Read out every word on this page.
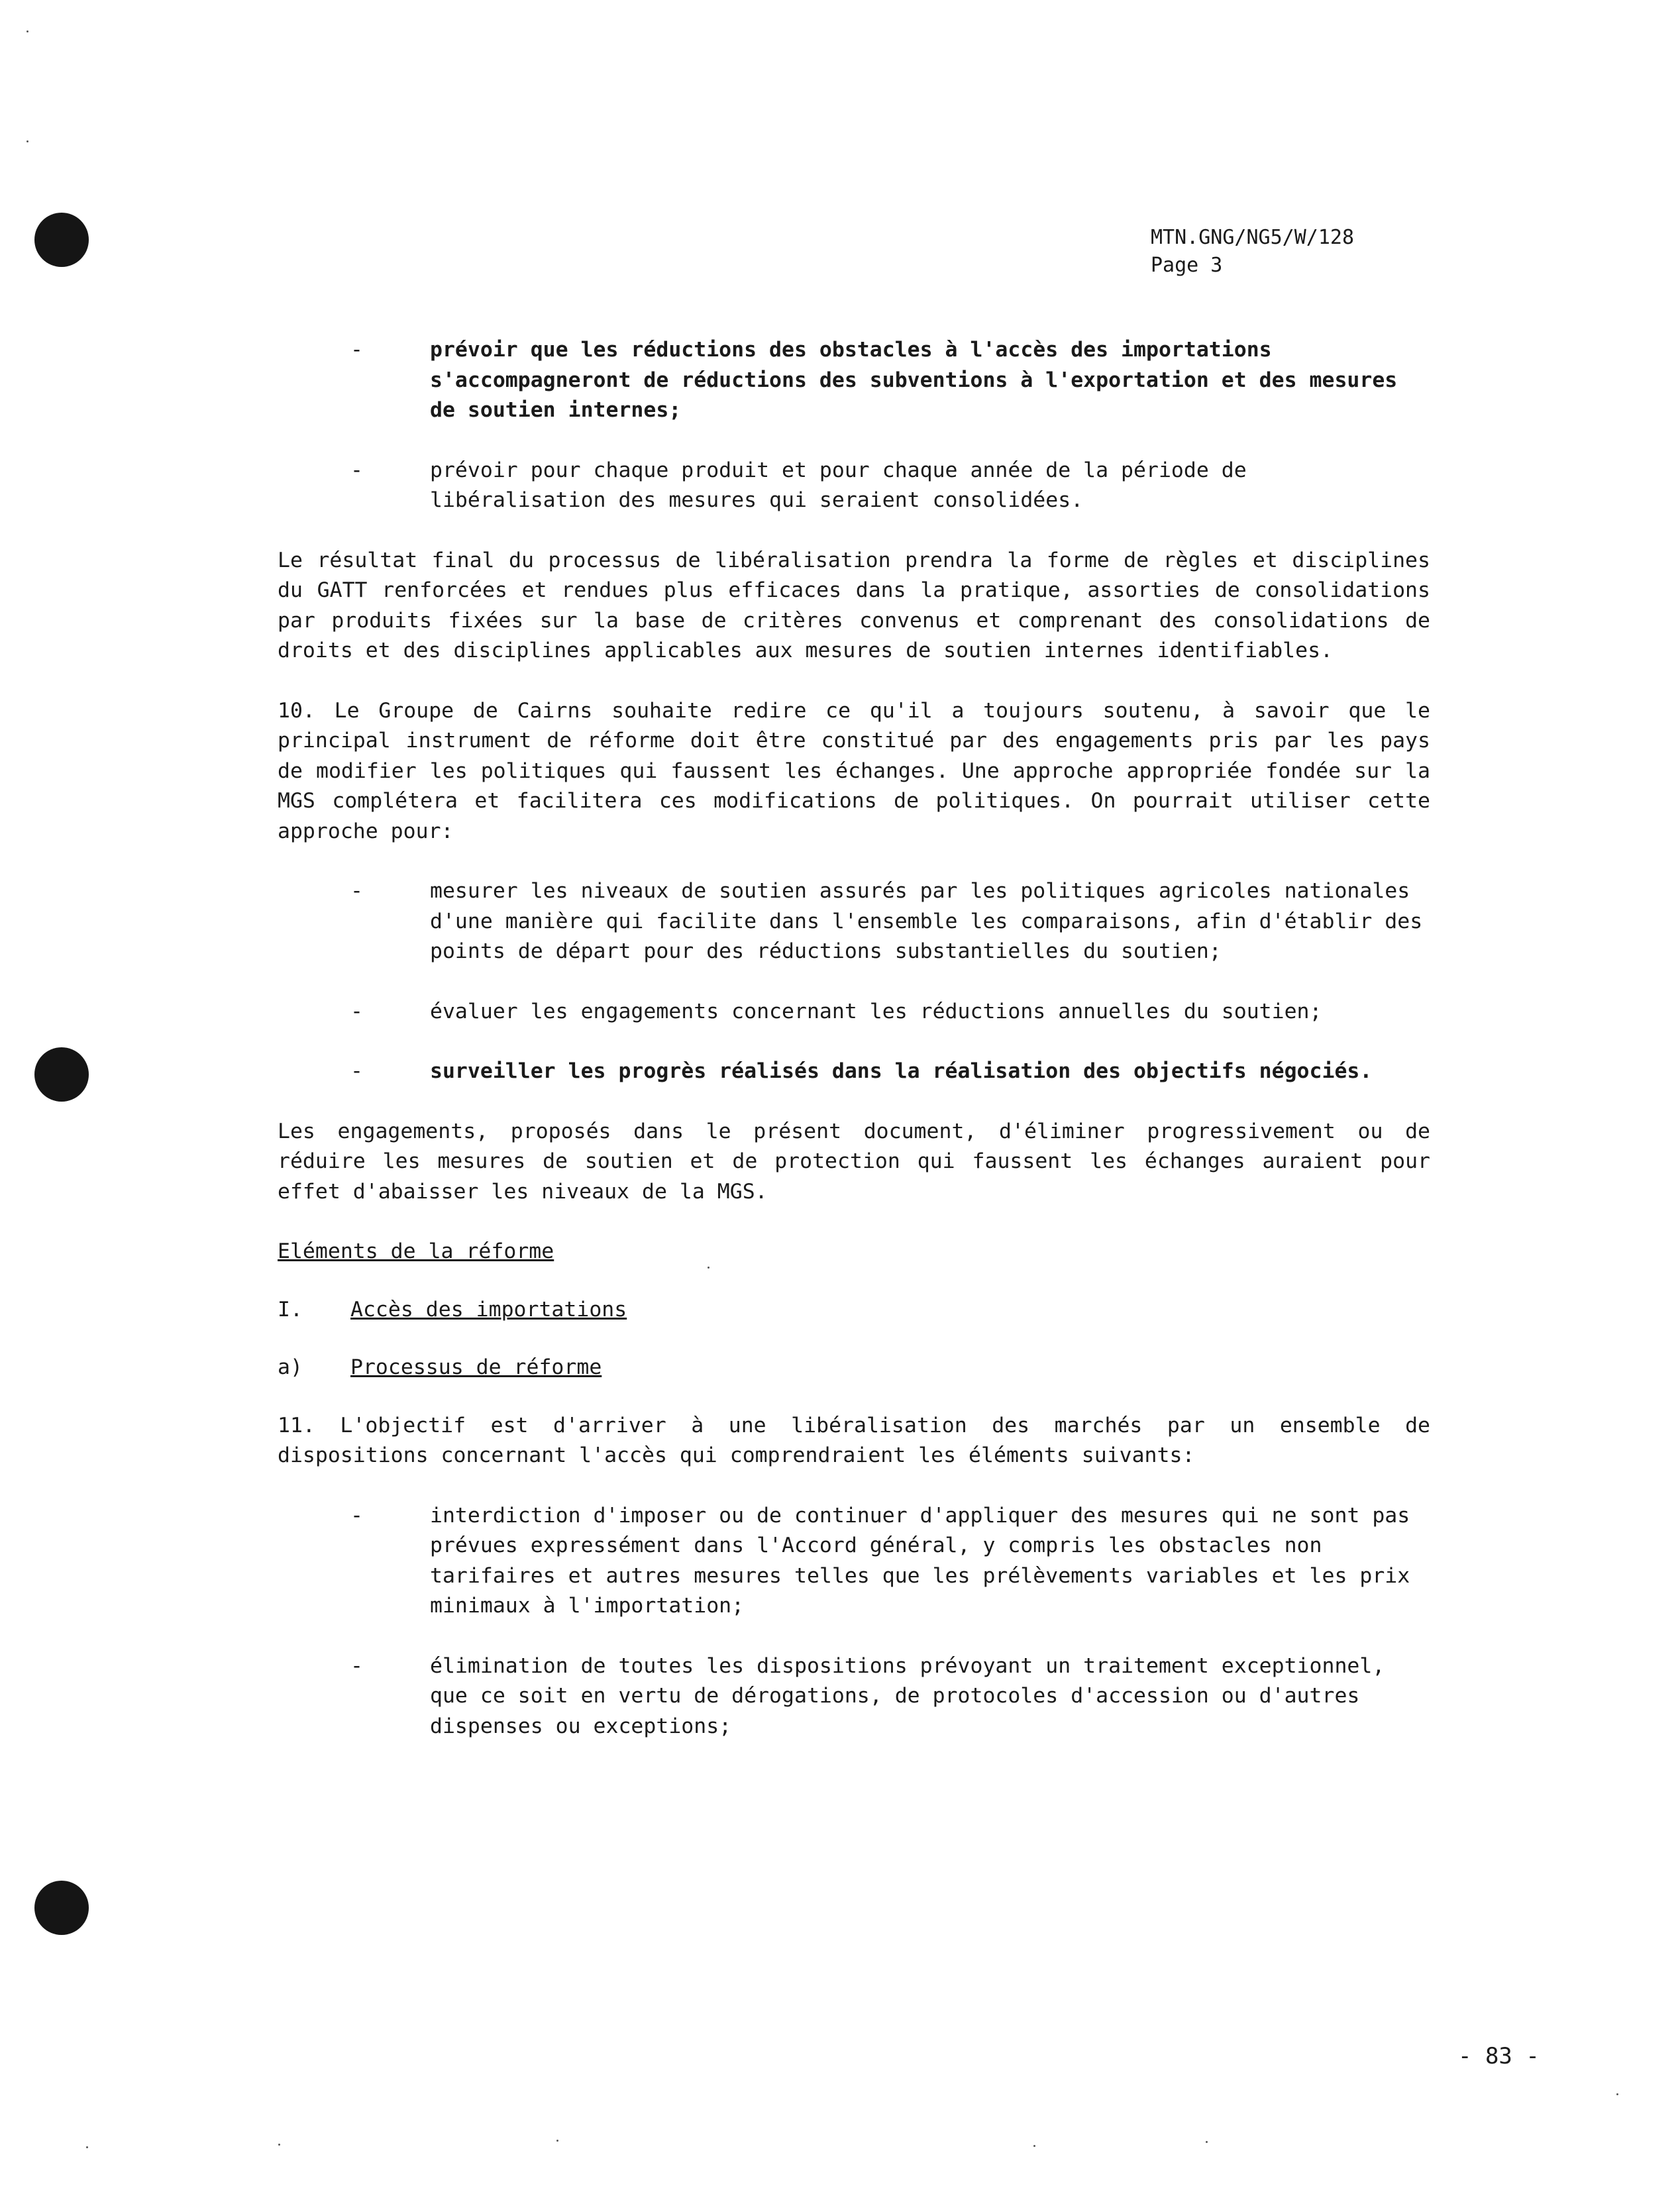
MTN.GNG/NG5/W/128
Page 3
-	prévoir que les réductions des obstacles à l'accès des importations s'accompagneront de réductions des subventions à l'exportation et des mesures de soutien internes;
-	prévoir pour chaque produit et pour chaque année de la période de libéralisation des mesures qui seraient consolidées.

Le résultat final du processus de libéralisation prendra la forme de règles et disciplines du GATT renforcées et rendues plus efficaces dans la pratique, assorties de consolidations par produits fixées sur la base de critères convenus et comprenant des consolidations de droits et des disciplines applicables aux mesures de soutien internes identifiables.

10. Le Groupe de Cairns souhaite redire ce qu'il a toujours soutenu, à savoir que le principal instrument de réforme doit être constitué par des engagements pris par les pays de modifier les politiques qui faussent les échanges. Une approche appropriée fondée sur la MGS complétera et facilitera ces modifications de politiques. On pourrait utiliser cette approche pour:

-	mesurer les niveaux de soutien assurés par les politiques agricoles nationales d'une manière qui facilite dans l'ensemble les comparaisons, afin d'établir des points de départ pour des réductions substantielles du soutien;
-	évaluer les engagements concernant les réductions annuelles du soutien;
-	surveiller les progrès réalisés dans la réalisation des objectifs négociés.

Les engagements, proposés dans le présent document, d'éliminer progressivement ou de réduire les mesures de soutien et de protection qui faussent les échanges auraient pour effet d'abaisser les niveaux de la MGS.

Eléments de la réforme
I. Accès des importations
a) Processus de réforme

11. L'objectif est d'arriver à une libéralisation des marchés par un ensemble de dispositions concernant l'accès qui comprendraient les éléments suivants:

-	interdiction d'imposer ou de continuer d'appliquer des mesures qui ne sont pas prévues expressément dans l'Accord général, y compris les obstacles non tarifaires et autres mesures telles que les prélèvements variables et les prix minimaux à l'importation;
-	élimination de toutes les dispositions prévoyant un traitement exceptionnel, que ce soit en vertu de dérogations, de protocoles d'accession ou d'autres dispenses ou exceptions;
- 83 -
